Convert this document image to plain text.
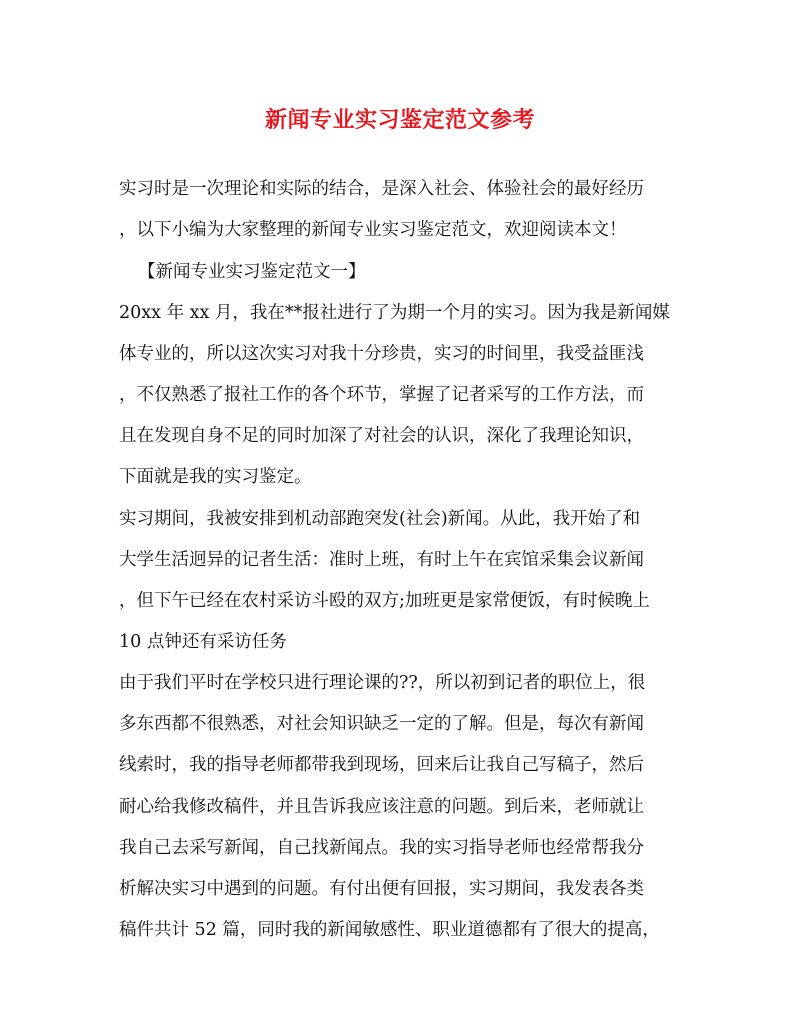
新闻专业实习鉴定范文参考
实习时是一次理论和实际的结合，是深入社会、体验社会的最好经历
，以下小编为大家整理的新闻专业实习鉴定范文，欢迎阅读本文！
【新闻专业实习鉴定范文一】
20xx 年 xx 月，我在**报社进行了为期一个月的实习。因为我是新闻媒
体专业的，所以这次实习对我十分珍贵，实习的时间里，我受益匪浅
，不仅熟悉了报社工作的各个环节，掌握了记者采写的工作方法，而
且在发现自身不足的同时加深了对社会的认识，深化了我理论知识，
下面就是我的实习鉴定。
实习期间，我被安排到机动部跑突发(社会)新闻。从此，我开始了和
大学生活迥异的记者生活：准时上班，有时上午在宾馆采集会议新闻
，但下午已经在农村采访斗殴的双方;加班更是家常便饭，有时候晚上
10 点钟还有采访任务
由于我们平时在学校只进行理论课的??，所以初到记者的职位上，很
多东西都不很熟悉，对社会知识缺乏一定的了解。但是，每次有新闻
线索时，我的指导老师都带我到现场，回来后让我自己写稿子，然后
耐心给我修改稿件，并且告诉我应该注意的问题。到后来，老师就让
我自己去采写新闻，自己找新闻点。我的实习指导老师也经常帮我分
析解决实习中遇到的问题。有付出便有回报，实习期间，我发表各类
稿件共计 52 篇，同时我的新闻敏感性、职业道德都有了很大的提高，
